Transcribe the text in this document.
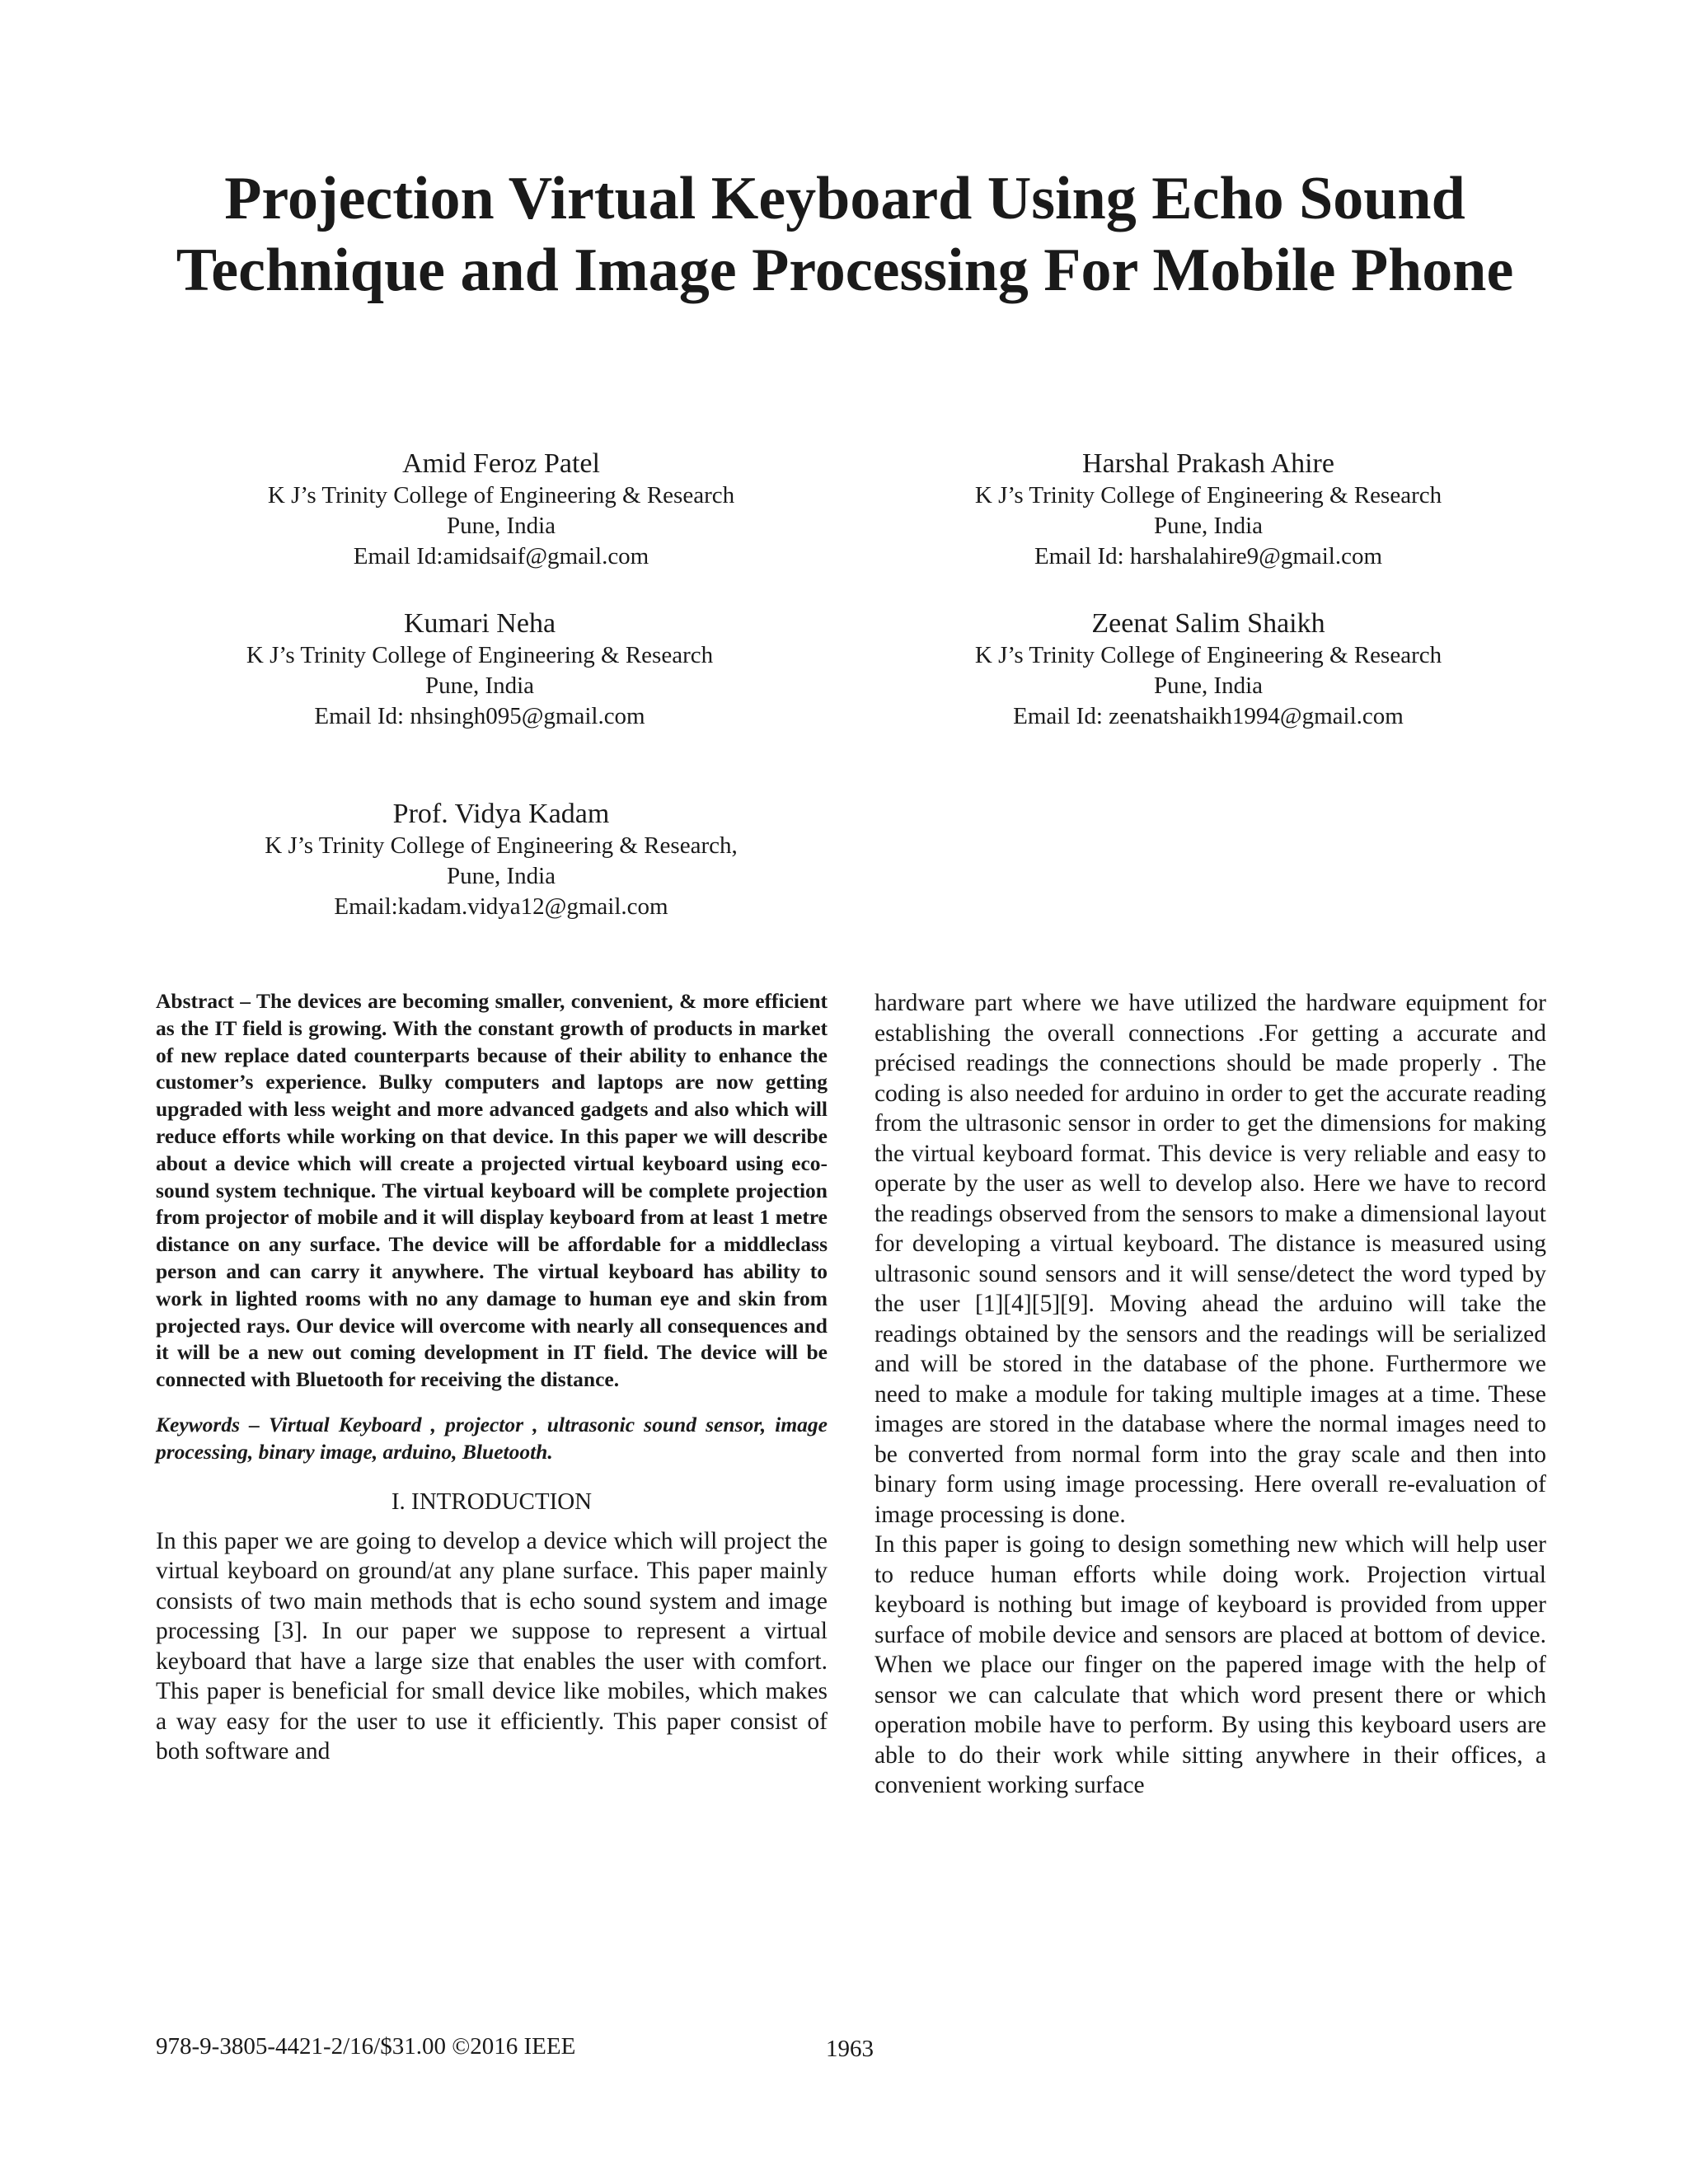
Projection Virtual Keyboard Using Echo Sound Technique and Image Processing For Mobile Phone
Amid Feroz Patel
K J’s Trinity College of Engineering & Research
Pune, India
Email Id:amidsaif@gmail.com
Harshal Prakash Ahire
K J’s Trinity College of Engineering & Research
Pune, India
Email Id: harshalahire9@gmail.com
Kumari Neha
K J’s Trinity College of Engineering & Research
Pune, India
Email Id: nhsingh095@gmail.com
Zeenat Salim Shaikh
K J’s Trinity College of Engineering & Research
Pune, India
Email Id: zeenatshaikh1994@gmail.com
Prof. Vidya Kadam
K J’s Trinity College of Engineering & Research,
Pune, India
Email:kadam.vidya12@gmail.com

Abstract – The devices are becoming smaller, convenient, & more efficient as the IT field is growing. With the constant growth of products in market of new replace dated counterparts because of their ability to enhance the customer’s experience. Bulky computers and laptops are now getting upgraded with less weight and more advanced gadgets and also which will reduce efforts while working on that device. In this paper we will describe about a device which will create a projected virtual keyboard using eco-sound system technique. The virtual keyboard will be complete projection from projector of mobile and it will display keyboard from at least 1 metre distance on any surface. The device will be affordable for a middleclass person and can carry it anywhere. The virtual keyboard has ability to work in lighted rooms with no any damage to human eye and skin from projected rays. Our device will overcome with nearly all consequences and it will be a new out coming development in IT field. The device will be connected with Bluetooth for receiving the distance.

Keywords – Virtual Keyboard , projector , ultrasonic sound sensor, image processing, binary image, arduino, Bluetooth.

I. INTRODUCTION

In this paper we are going to develop a device which will project the virtual keyboard on ground/at any plane surface. This paper mainly consists of two main methods that is echo sound system and image processing [3]. In our paper we suppose to represent a virtual keyboard that have a large size that enables the user with comfort. This paper is beneficial for small device like mobiles, which makes a way easy for the user to use it efficiently. This paper consist of both software and

hardware part where we have utilized the hardware equipment for establishing the overall connections .For getting a accurate and précised readings the connections should be made properly . The coding is also needed for arduino in order to get the accurate reading from the ultrasonic sensor in order to get the dimensions for making the virtual keyboard format. This device is very reliable and easy to operate by the user as well to develop also. Here we have to record the readings observed from the sensors to make a dimensional layout for developing a virtual keyboard. The distance is measured using ultrasonic sound sensors and it will sense/detect the word typed by the user [1][4][5][9]. Moving ahead the arduino will take the readings obtained by the sensors and the readings will be serialized and will be stored in the database of the phone. Furthermore we need to make a module for taking multiple images at a time. These images are stored in the database where the normal images need to be converted from normal form into the gray scale and then into binary form using image processing. Here overall re-evaluation of image processing is done.

In this paper is going to design something new which will help user to reduce human efforts while doing work. Projection virtual keyboard is nothing but image of keyboard is provided from upper surface of mobile device and sensors are placed at bottom of device. When we place our finger on the papered image with the help of sensor we can calculate that which word present there or which operation mobile have to perform. By using this keyboard users are able to do their work while sitting anywhere in their offices, a convenient working surface

978-9-3805-4421-2/16/$31.00 ©2016 IEEE	1963
